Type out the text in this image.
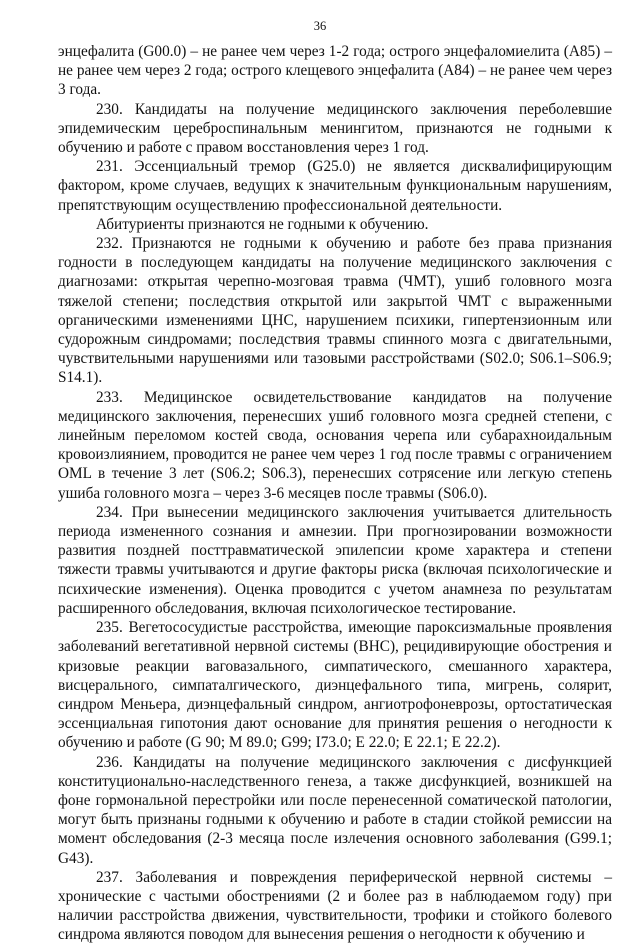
36

энцефалита (G00.0) – не ранее чем через 1-2 года; острого энцефаломиелита (А85) – не ранее чем через 2 года; острого клещевого энцефалита (А84) – не ранее чем через 3 года.

230. Кандидаты на получение медицинского заключения переболевшие эпидемическим цереброспинальным менингитом, признаются не годными к обучению и работе с правом восстановления через 1 год.

231. Эссенциальный тремор (G25.0) не является дисквалифицирующим фактором, кроме случаев, ведущих к значительным функциональным нарушениям, препятствующим осуществлению профессиональной деятельности.

Абитуриенты признаются не годными к обучению.

232. Признаются не годными к обучению и работе без права признания годности в последующем кандидаты на получение медицинского заключения с диагнозами: открытая черепно-мозговая травма (ЧМТ), ушиб головного мозга тяжелой степени; последствия открытой или закрытой ЧМТ с выраженными органическими изменениями ЦНС, нарушением психики, гипертензионным или судорожным синдромами; последствия травмы спинного мозга с двигательными, чувствительными нарушениями или тазовыми расстройствами (S02.0; S06.1–S06.9; S14.1).

233. Медицинское освидетельствование кандидатов на получение медицинского заключения, перенесших ушиб головного мозга средней степени, с линейным переломом костей свода, основания черепа или субарахноидальным кровоизлиянием, проводится не ранее чем через 1 год после травмы с ограничением OML в течение 3 лет (S06.2; S06.3), перенесших сотрясение или легкую степень ушиба головного мозга – через 3-6 месяцев после травмы (S06.0).

234. При вынесении медицинского заключения учитывается длительность периода измененного сознания и амнезии. При прогнозировании возможности развития поздней посттравматической эпилепсии кроме характера и степени тяжести травмы учитываются и другие факторы риска (включая психологические и психические изменения). Оценка проводится с учетом анамнеза по результатам расширенного обследования, включая психологическое тестирование.

235. Вегетососудистые расстройства, имеющие пароксизмальные проявления заболеваний вегетативной нервной системы (ВНС), рецидивирующие обострения и кризовые реакции ваговазального, симпатического, смешанного характера, висцерального, симпаталгического, диэнцефального типа, мигрень, солярит, синдром Меньера, диэнцефальный синдром, ангиотрофоневрозы, ортостатическая эссенциальная гипотония дают основание для принятия решения о негодности к обучению и работе (G 90; M 89.0; G99; I73.0; E 22.0; E 22.1; E 22.2).

236. Кандидаты на получение медицинского заключения с дисфункцией конституционально-наследственного генеза, а также дисфункцией, возникшей на фоне гормональной перестройки или после перенесенной соматической патологии, могут быть признаны годными к обучению и работе в стадии стойкой ремиссии на момент обследования (2-3 месяца после излечения основного заболевания (G99.1; G43).

237. Заболевания и повреждения периферической нервной системы – хронические с частыми обострениями (2 и более раз в наблюдаемом году) при наличии расстройства движения, чувствительности, трофики и стойкого болевого синдрома являются поводом для вынесения решения о негодности к обучению и
